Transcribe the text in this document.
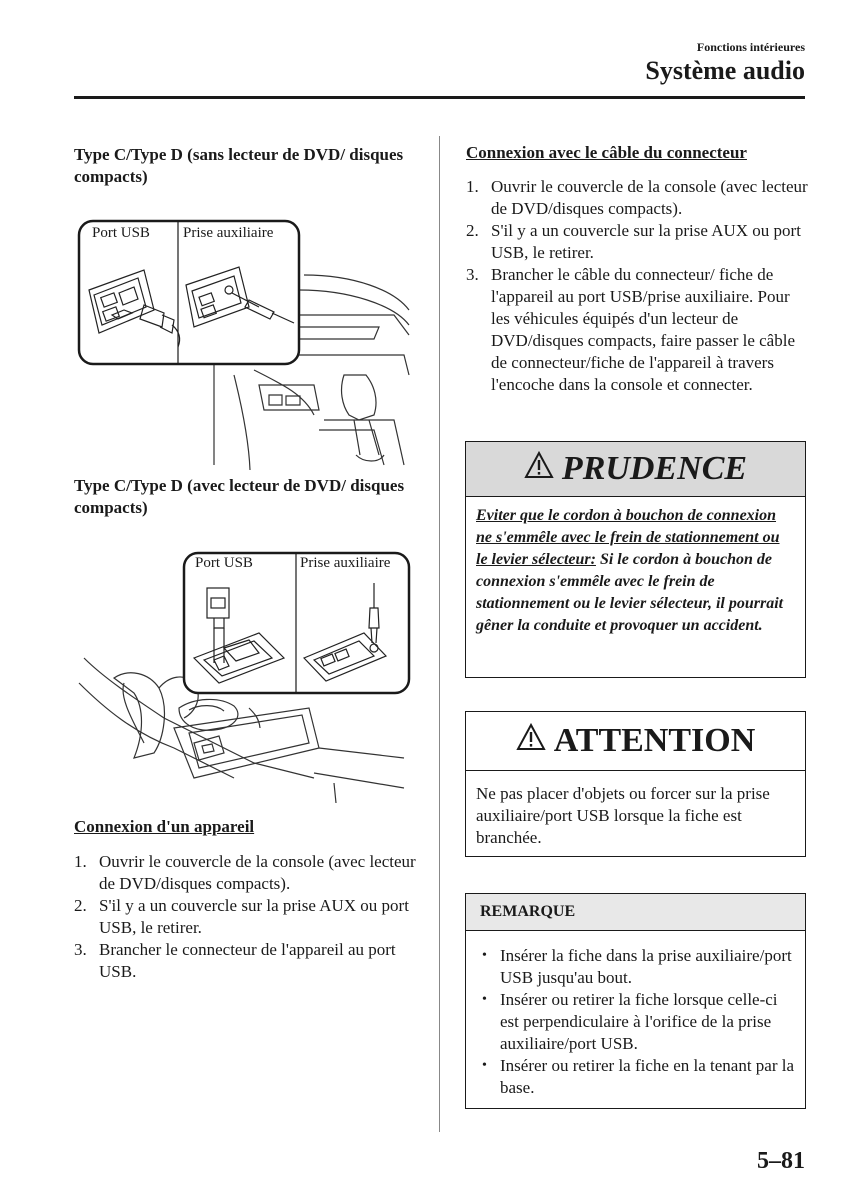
Fonctions intérieures
Système audio
Type C/Type D (sans lecteur de DVD/ disques compacts)
Port USB Prise auxiliaire
Type C/Type D (avec lecteur de DVD/ disques compacts)
Port USB	Prise auxiliaire
Connexion d'un appareil
1. Ouvrir le couvercle de la console (avec lecteur de DVD/disques compacts).
2. S'il y a un couvercle sur la prise AUX ou port USB, le retirer.
3. Brancher le connecteur de l'appareil au port USB.
Connexion avec le câble du connecteur
1. Ouvrir le couvercle de la console (avec lecteur de DVD/disques compacts).
2. S'il y a un couvercle sur la prise AUX ou port USB, le retirer.
3. Brancher le câble du connecteur/ fiche de l'appareil au port USB/prise auxiliaire. Pour les véhicules équipés d'un lecteur de DVD/disques compacts, faire passer le câble de connecteur/fiche de l'appareil à travers l'encoche dans la console et connecter.
PRUDENCE
Eviter que le cordon à bouchon de connexion ne s'emmêle avec le frein de stationnement ou le levier sélecteur: Si le cordon à bouchon de connexion s'emmêle avec le frein de stationnement ou le levier sélecteur, il pourrait gêner la conduite et provoquer un accident.
ATTENTION
Ne pas placer d'objets ou forcer sur la prise auxiliaire/port USB lorsque la fiche est branchée.
REMARQUE
• Insérer la fiche dans la prise auxiliaire/port USB jusqu'au bout.
• Insérer ou retirer la fiche lorsque celle-ci est perpendiculaire à l'orifice de la prise auxiliaire/port USB.
• Insérer ou retirer la fiche en la tenant par la base.
5–81
